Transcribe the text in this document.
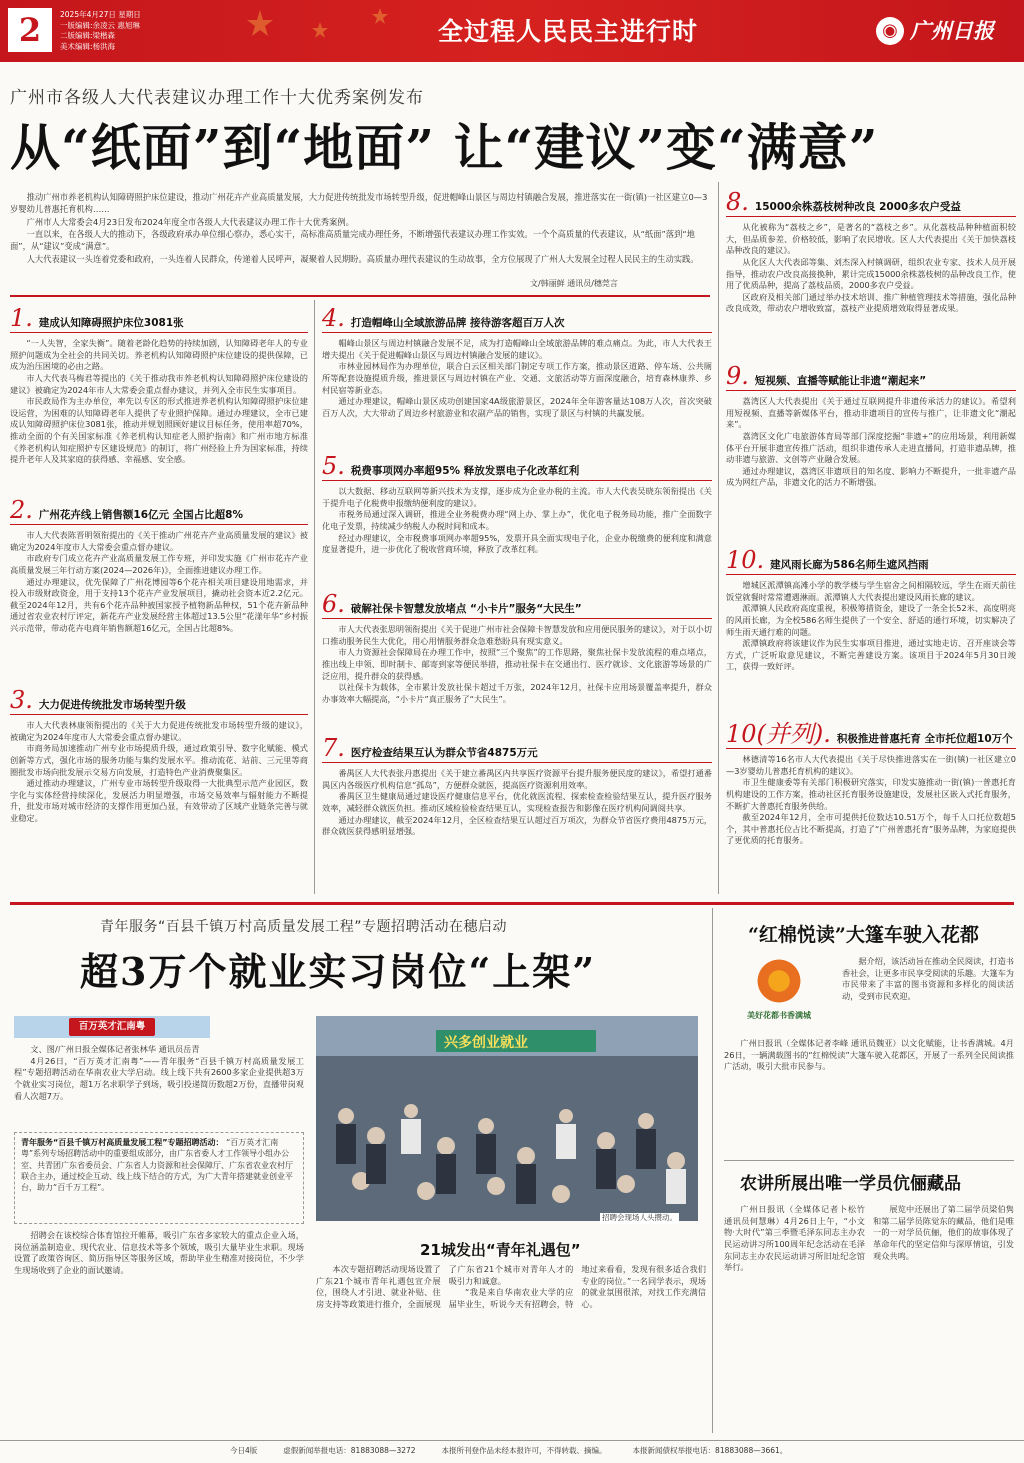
2	2025年4月27日 星期日
一版编辑:余凌云 惠旭琳
二版编辑:梁楷森
美术编辑:杨洪海	全过程人民民主进行时	◉ 广州日报
广州市各级人大代表建议办理工作十大优秀案例发布
从“纸面”到“地面” 让“建议”变“满意”

推动广州市养老机构认知障碍照护床位建设，推动广州花卉产业高质量发展，大力促进传统批发市场转型升级，促进帽峰山景区与周边村镇融合发展，推进落实在一街(镇)一社区建立0—3岁婴幼儿普惠托育机构……

广州市人大常委会4月23日发布2024年度全市各级人大代表建议办理工作十大优秀案例。

一直以来，在各级人大的推动下，各级政府承办单位细心察办，悉心实干，高标准高质量完成办理任务，不断增强代表建议办理工作实效。一个个高质量的代表建议，从“纸面”落到“地面”，从“建议”变成“满意”。

人大代表建议一头连着党委和政府，一头连着人民群众，传递着人民呼声，凝聚着人民期盼。高质量办理代表建议的生动故事，全方位展现了广州人大发展全过程人民民主的生动实践。

文/韩丽鲜 通讯员/穗莞言
1. 建成认知障碍照护床位3081张

“一人失智，全家失衡”。随着老龄化趋势的持续加剧，认知障碍老年人的专业照护问题成为全社会的共同关切。养老机构认知障碍照护床位建设的提供保障，已成为治压困境的必由之路。

市人大代表马梅君等提出的《关于推动我市养老机构认知障碍照护床位建设的建议》被确定为2024年市人大常委会重点督办建议，并列入全市民生实事项目。

市民政局作为主办单位，率先以专区的形式推进养老机构认知障碍照护床位建设运营，为困难的认知障碍老年人提供了专业照护保障。通过办理建议，全市已建成认知障碍照护床位3081张，推动并规划照顾好建议目标任务，使用率超70%，推动全面的个有关国家标准《养老机构认知症老人照护指南》和广州市地方标准《养老机构认知症照护专区建设规范》的制订，将广州经验上升为国家标准，持续提升老年人及其家庭的获得感、幸福感、安全感。

2. 广州花卉线上销售额16亿元 全国占比超8%

市人大代表陈晋明领衔提出的《关于推动广州花卉产业高质量发展的建议》被确定为2024年度市人大常委会重点督办建议。

市政府专门成立花卉产业高质量发展工作专班，并印发实施《广州市花卉产业高质量发展三年行动方案(2024—2026年)》，全面推进建议办理工作。

通过办理建议，优先保障了广州花博园等6个花卉相关项目建设用地需求，并投入市级财政资金，用于支持13个花卉产业发展项目，撬动社会资本近2.2亿元。截至2024年12月，共有6个花卉品种被国家授予植物新品种权，51个花卉新品种通过省农业农村厅评定，新花卉产业发展经营主体超过13.5公里“花漾年华”乡村振兴示范带，带动花卉电商年销售额超16亿元，全国占比超8%。

3. 大力促进传统批发市场转型升级

市人大代表林康领衔提出的《关于大力促进传统批发市场转型升级的建议》，被确定为2024年度市人大常委会重点督办建议。

市商务局加速推动广州专业市场提质升级，通过政策引导、数字化赋能、模式创新等方式，强化市场的服务功能与集约发展水平。推动流花、站前、三元里等商圈批发市场向批发展示交易方向发展，打造特色产业消费聚集区。

通过推动办理建议，广州专业市场转型升级取得一大批典型示范产业园区，数字化与实体经营持续深化，发展活力明显增强，市场交易效率与辐射能力不断提升，批发市场对城市经济的支撑作用更加凸显，有效带动了区域产业链条完善与就业稳定。

4. 打造帽峰山全域旅游品牌 接待游客超百万人次

帽峰山景区与周边村镇融合发展不足，成为打造帽峰山全域旅游品牌的难点痛点。为此，市人大代表王增夫提出《关于促进帽峰山景区与周边村镇融合发展的建议》。

市林业园林局作为办理单位，联合白云区相关部门制定专项工作方案，推动景区道路、停车场、公共厕所等配套设施提质升级，推进景区与周边村镇在产业、交通、文旅活动等方面深度融合，培育森林康养、乡村民宿等新业态。

通过办理建议，帽峰山景区成功创建国家4A级旅游景区，2024年全年游客量达108万人次，首次突破百万人次，大大带动了周边乡村旅游业和农副产品的销售，实现了景区与村镇的共赢发展。

5. 税费事项网办率超95% 释放发票电子化改革红利

以大数据、移动互联网等新兴技术为支撑，逐步成为企业办税的主流。市人大代表吴晓东领衔提出《关于提升电子化税费申报缴纳便利度的建议》。

市税务局通过深入调研，推进全业务税费办理“网上办、掌上办”，优化电子税务局功能，推广全面数字化电子发票，持续减少纳税人办税时间和成本。

经过办理建议，全市税费事项网办率超95%，发票开具全面实现电子化，企业办税缴费的便利度和满意度显著提升，进一步优化了税收营商环境，释放了改革红利。

6. 破解社保卡智慧发放堵点 “小卡片”服务“大民生”

市人大代表张思明领衔提出《关于促进广州市社会保障卡智慧发放和应用便民服务的建议》，对于以小切口推动服务民生大优化，用心用情服务群众急难愁盼具有现实意义。

市人力资源社会保障局在办理工作中，按照“三个聚焦”的工作思路，聚焦社保卡发放流程的难点堵点，推出线上申领、即时制卡、邮寄到家等便民举措，推动社保卡在交通出行、医疗就诊、文化旅游等场景的广泛应用，提升群众的获得感。

以社保卡为载体，全市累计发放社保卡超过千万张，2024年12月，社保卡应用场景覆盖率提升，群众办事效率大幅提高，“小卡片”真正服务了“大民生”。

7. 医疗检查结果互认为群众节省4875万元

番禺区人大代表张丹惠提出《关于建立番禺区内共享医疗资源平台提升服务便民度的建议》，希望打通番禺区内各级医疗机构信息“孤岛”，方便群众就医，提高医疗资源利用效率。

番禺区卫生健康局通过建设医疗健康信息平台，优化就医流程、探索检查检验结果互认，提升医疗服务效率，减轻群众就医负担。推动区域检验检查结果互认，实现检查报告和影像在医疗机构间调阅共享。

通过办理建议，截至2024年12月，全区检查结果互认超过百万项次，为群众节省医疗费用4875万元，群众就医获得感明显增强。

8. 15000余株荔枝树种改良 2000多农户受益

从化被称为“荔枝之乡”，是著名的“荔枝之乡”。从化荔枝品种种植面积较大，但品质参差、价格较低，影响了农民增收。区人大代表提出《关于加快荔枝品种改良的建议》。

从化区人大代表邱等集、刘杰深入村镇调研，组织农业专家、技术人员开展指导，推动农户改良高接换种，累计完成15000余株荔枝树的品种改良工作，使用了优质品种，提高了荔枝品质，2000多农户受益。

区政府及相关部门通过举办技术培训、推广种植管理技术等措施，强化品种改良成效，带动农户增收致富，荔枝产业提质增效取得显著成果。

9. 短视频、直播等赋能让非遗“潮起来”

荔湾区人大代表提出《关于通过互联网提升非遗传承活力的建议》。希望利用短视频、直播等新媒体平台，推动非遗项目的宣传与推广，让非遗文化“潮起来”。

荔湾区文化广电旅游体育局等部门深度挖掘“非遗+”的应用场景，利用新媒体平台开展非遗宣传推广活动，组织非遗传承人走进直播间，打造非遗品牌，推动非遗与旅游、文创等产业融合发展。

通过办理建议，荔湾区非遗项目的知名度、影响力不断提升，一批非遗产品成为网红产品，非遗文化的活力不断增强。

10. 建风雨长廊为586名师生遮风挡雨

增城区派潭镇高滩小学的教学楼与学生宿舍之间相隔较远，学生在雨天前往饭堂就餐时常常遭遇淋雨。派潭镇人大代表提出建设风雨长廊的建议。

派潭镇人民政府高度重视，积极筹措资金，建设了一条全长52米、高度明亮的风雨长廊，为全校586名师生提供了一个安全、舒适的通行环境，切实解决了师生雨天通行难的问题。

派潭镇政府将该建议作为民生实事项目推进，通过实地走访、召开座谈会等方式，广泛听取意见建议，不断完善建设方案。该项目于2024年5月30日竣工，获得一致好评。

10(并列). 积极推进普惠托育 全市托位超10万个

林德清等16名市人大代表提出《关于尽快推进落实在一街(镇)一社区建立0—3岁婴幼儿普惠托育机构的建议》。

市卫生健康委等有关部门积极研究落实，印发实施推动一街(镇)一普惠托育机构建设的工作方案，推动社区托育服务设施建设，发展社区嵌入式托育服务，不断扩大普惠托育服务供给。

截至2024年12月，全市可提供托位数达10.51万个，每千人口托位数超5个，其中普惠托位占比不断提高，打造了“广州普惠托育”服务品牌，为家庭提供了更优质的托育服务。

青年服务“百县千镇万村高质量发展工程”专题招聘活动在穗启动
超3万个就业实习岗位“上架”
百万英才汇南粤

文、图/广州日报全媒体记者张林华 通讯员岳青

4月26日，“百万英才汇南粤”——青年服务“百县千镇万村高质量发展工程”专题招聘活动在华南农业大学启动。线上线下共有2600多家企业提供超3万个就业实习岗位，超1万名求职学子到场，吸引投递简历数超2万份，直播带岗观看人次超7万。

青年服务“百县千镇万村高质量发展工程”专题招聘活动： “百万英才汇南粤”系列专场招聘活动中的重要组成部分，由广东省委人才工作领导小组办公室、共青团广东省委员会、广东省人力资源和社会保障厅、广东省农业农村厅联合主办，通过校企互动、线上线下结合的方式，为广大青年搭建就业创业平台，助力“百千万工程”。

招聘会在该校综合体育馆拉开帷幕，吸引广东省多家较大的重点企业入场，岗位涵盖制造业、现代农业、信息技术等多个领域，吸引大量毕业生求职。现场设置了政策咨询区、简历指导区等服务区域，帮助毕业生精准对接岗位，不少学生现场收到了企业的面试邀请。

兴多创业就业
招聘会现场人头攒动。
21城发出“青年礼遇包”

本次专题招聘活动现场设置了广东21个城市青年礼遇包宣介展位，围绕人才引进、就业补贴、住房支持等政策进行推介，全面展现了广东省21个城市对青年人才的吸引力和诚意。

“我是来自华南农业大学的应届毕业生，听说今天有招聘会，特地过来看看，发现有很多适合我们专业的岗位。”一名同学表示，现场的就业氛围很浓，对找工作充满信心。

“红棉悦读”大篷车驶入花都
美好花都书香满城

据介绍，该活动旨在推动全民阅读，打造书香社会，让更多市民享受阅读的乐趣。大篷车为市民带来了丰富的图书资源和多样化的阅读活动，受到市民欢迎。

广州日报讯（全媒体记者李峰 通讯员魏亚）以文化赋能，让书香满城。4月26日，一辆满载图书的“红棉悦读”大篷车驶入花都区，开展了一系列全民阅读推广活动，吸引大批市民参与。

农讲所展出唯一学员伉俪藏品

广州日报讯（全媒体记者卜松竹 通讯员何慧琳）4月26日上午，“小文物·大时代”第三季暨毛泽东同志主办农民运动讲习所100周年纪念活动在毛泽东同志主办农民运动讲习所旧址纪念馆举行。

展览中还展出了第二届学员梁伯隽和第二届学员陈觉东的藏品，他们是唯一的一对学员伉俪，他们的故事体现了革命年代的坚定信仰与深厚情谊，引发观众共鸣。

今日4版	虚假新闻举报电话：81883088—3272	本报所刊登作品未经本报许可，不得转载、摘编。	本报新闻债权举报电话：81883088—3661。
